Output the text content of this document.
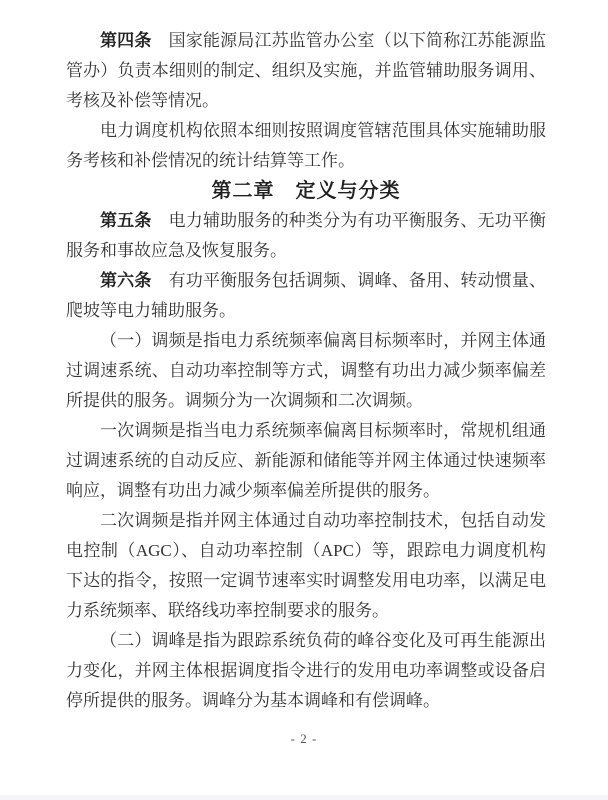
第四条　国家能源局江苏监管办公室（以下简称江苏能源监管办）负责本细则的制定、组织及实施，并监管辅助服务调用、考核及补偿等情况。

电力调度机构依照本细则按照调度管辖范围具体实施辅助服务考核和补偿情况的统计结算等工作。

第二章　定义与分类

第五条　电力辅助服务的种类分为有功平衡服务、无功平衡服务和事故应急及恢复服务。

第六条　有功平衡服务包括调频、调峰、备用、转动惯量、爬坡等电力辅助服务。

（一）调频是指电力系统频率偏离目标频率时，并网主体通过调速系统、自动功率控制等方式，调整有功出力减少频率偏差所提供的服务。调频分为一次调频和二次调频。

一次调频是指当电力系统频率偏离目标频率时，常规机组通过调速系统的自动反应、新能源和储能等并网主体通过快速频率响应，调整有功出力减少频率偏差所提供的服务。

二次调频是指并网主体通过自动功率控制技术，包括自动发电控制（AGC）、自动功率控制（APC）等，跟踪电力调度机构下达的指令，按照一定调节速率实时调整发用电功率，以满足电力系统频率、联络线功率控制要求的服务。

（二）调峰是指为跟踪系统负荷的峰谷变化及可再生能源出力变化，并网主体根据调度指令进行的发用电功率调整或设备启停所提供的服务。调峰分为基本调峰和有偿调峰。

- 2 -
